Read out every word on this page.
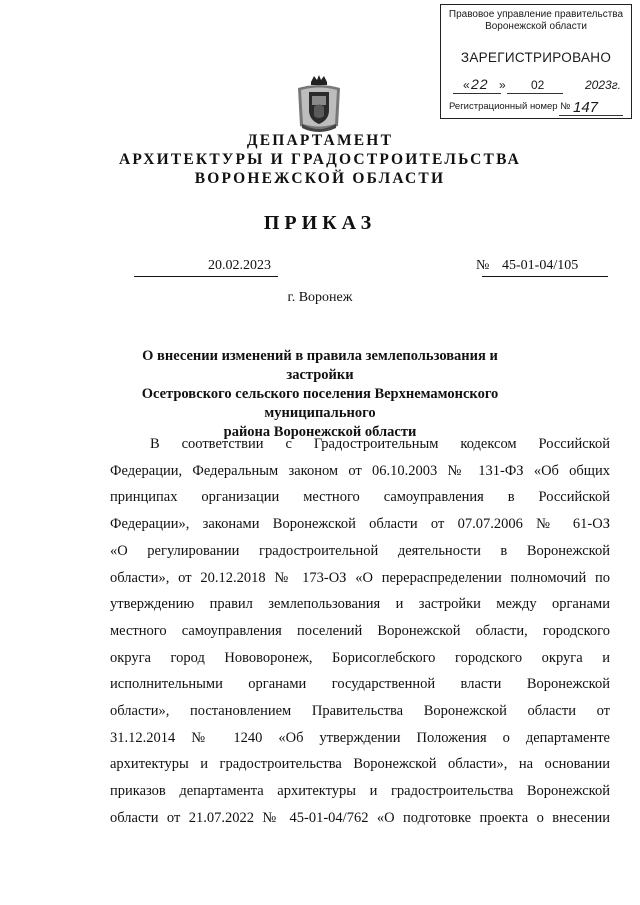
Правовое управление правительства
Воронежской области
ЗАРЕГИСТРИРОВАНО
« 22 » 02	2023г.
Регистрационный номер № 147
ДЕПАРТАМЕНТ
АРХИТЕКТУРЫ И ГРАДОСТРОИТЕЛЬСТВА
ВОРОНЕЖСКОЙ ОБЛАСТИ
ПРИКАЗ
20.02.2023	№ 45-01-04/105
г. Воронеж
О внесении изменений в правила землепользования и застройки
Осетровского сельского поселения Верхнемамонского муниципального
района Воронежской области
В соответствии с Градостроительным кодексом Российской
Федерации, Федеральным законом от 06.10.2003 № 131-ФЗ «Об общих
принципах организации местного самоуправления в Российской
Федерации», законами Воронежской области от 07.07.2006 № 61-ОЗ
«О регулировании градостроительной деятельности в Воронежской
области», от 20.12.2018 № 173-ОЗ «О перераспределении полномочий по
утверждению правил землепользования и застройки между органами
местного самоуправления поселений Воронежской области, городского
округа город Нововоронеж, Борисоглебского городского округа и
исполнительными органами государственной власти Воронежской
области», постановлением Правительства Воронежской области от
31.12.2014 № 1240 «Об утверждении Положения о департаменте
архитектуры и градостроительства Воронежской области», на основании
приказов департамента архитектуры и градостроительства Воронежской
области от 21.07.2022 № 45-01-04/762 «О подготовке проекта о внесении
